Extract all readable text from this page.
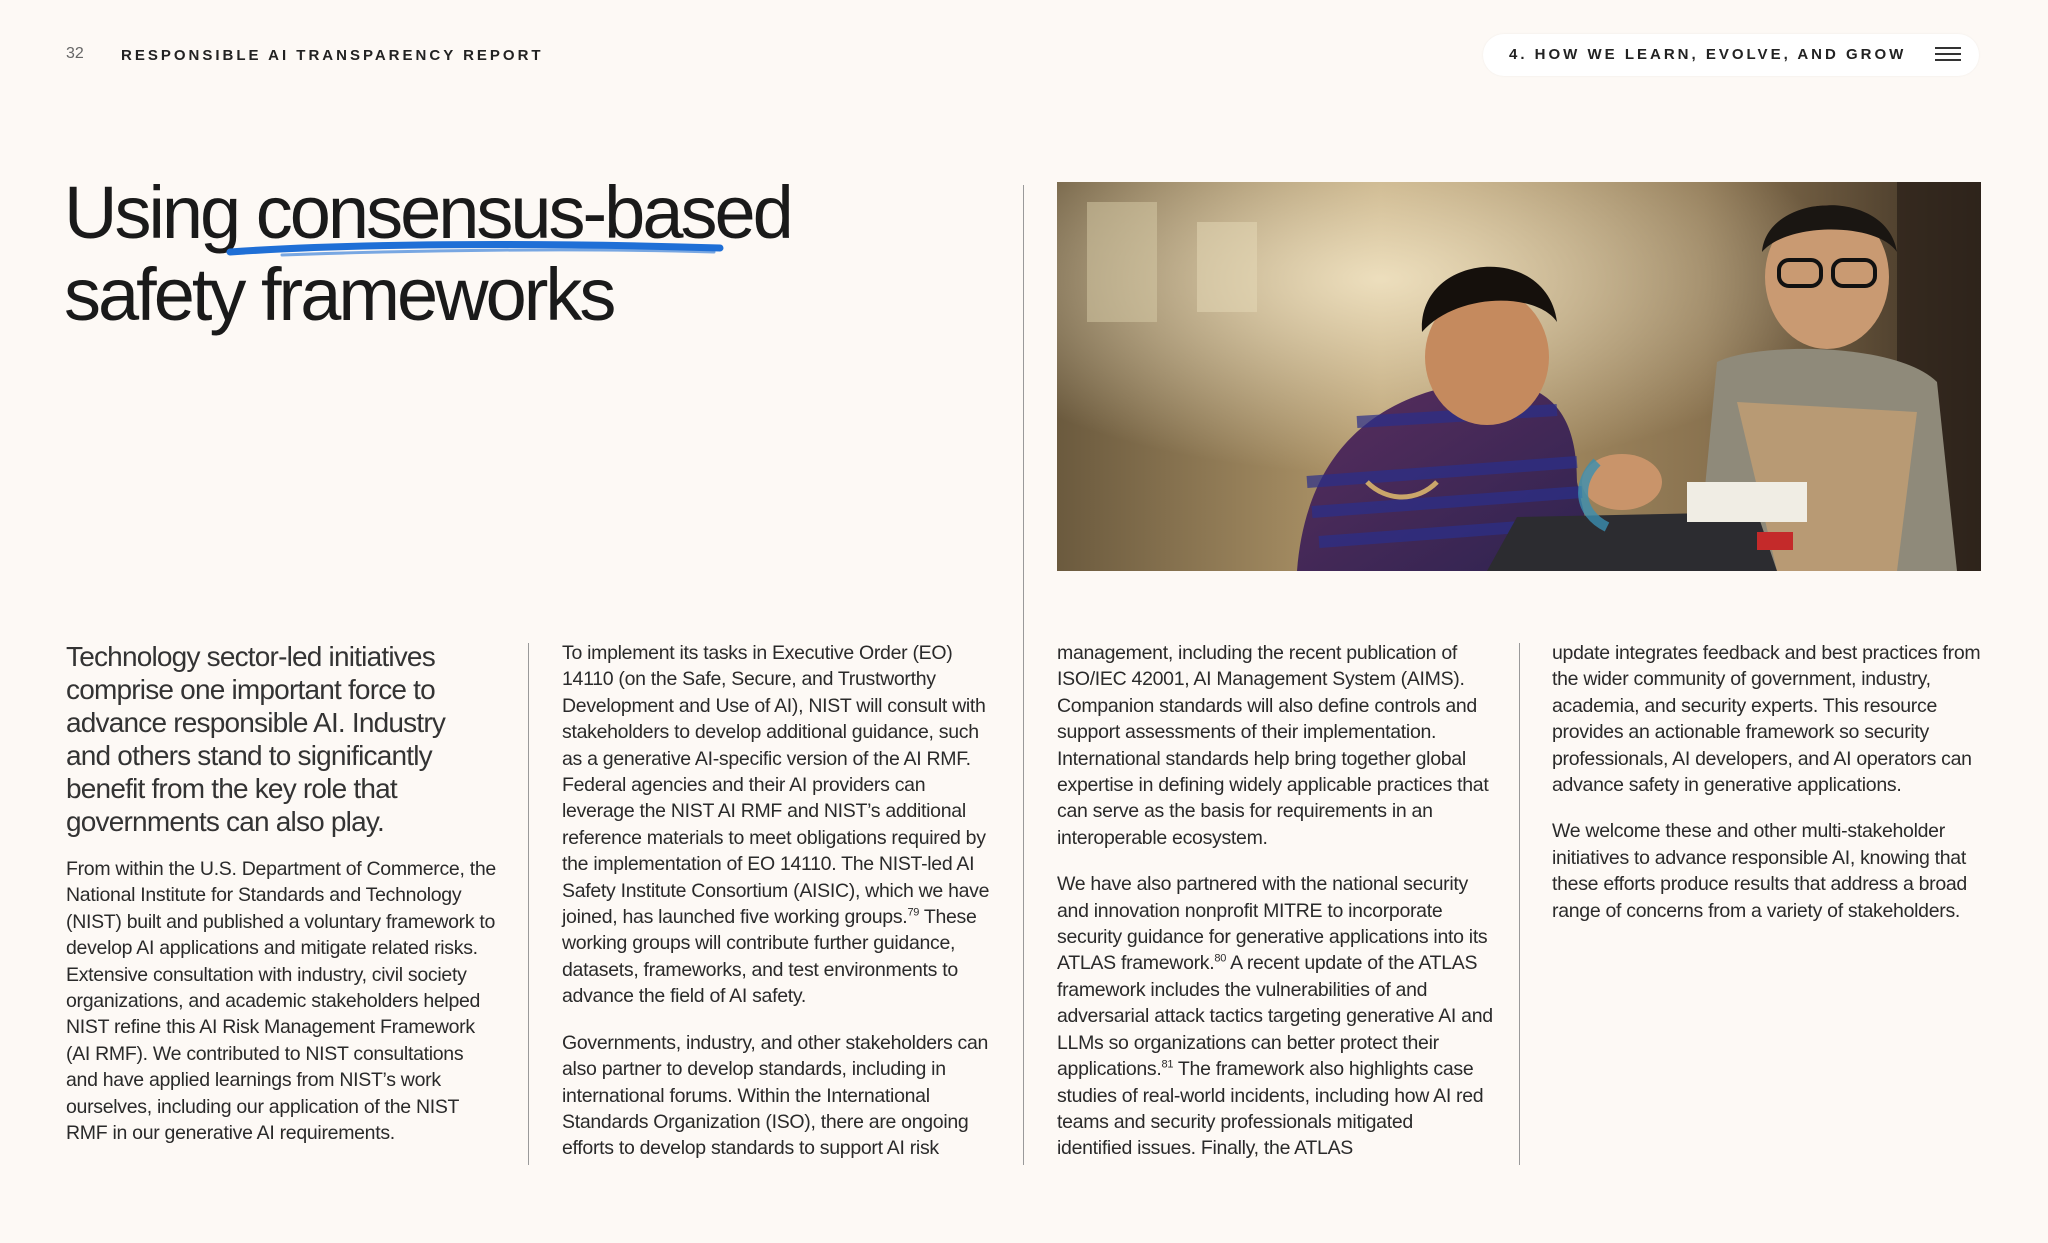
32 RESPONSIBLE AI TRANSPARENCY REPORT	4. HOW WE LEARN, EVOLVE, AND GROW
Using consensus-based
safety frameworks

Technology sector-led initiatives comprise one important force to advance responsible AI. Industry and others stand to significantly benefit from the key role that governments can also play.

From within the U.S. Department of Commerce, the National Institute for Standards and Technology (NIST) built and published a voluntary framework to develop AI applications and mitigate related risks. Extensive consultation with industry, civil society organizations, and academic stakeholders helped NIST refine this AI Risk Management Framework (AI RMF). We contributed to NIST consultations and have applied learnings from NIST’s work ourselves, including our application of the NIST RMF in our generative AI requirements.

To implement its tasks in Executive Order (EO) 14110 (on the Safe, Secure, and Trustworthy Development and Use of AI), NIST will consult with stakeholders to develop additional guidance, such as a generative AI-specific version of the AI RMF. Federal agencies and their AI providers can leverage the NIST AI RMF and NIST’s additional reference materials to meet obligations required by the implementation of EO 14110. The NIST-led AI Safety Institute Consortium (AISIC), which we have joined, has launched five working groups.$^{79}$ These working groups will contribute further guidance, datasets, frameworks, and test environments to advance the field of AI safety.

Governments, industry, and other stakeholders can also partner to develop standards, including in international forums. Within the International Standards Organization (ISO), there are ongoing efforts to develop standards to support AI risk

management, including the recent publication of ISO/IEC 42001, AI Management System (AIMS). Companion standards will also define controls and support assessments of their implementation. International standards help bring together global expertise in defining widely applicable practices that can serve as the basis for requirements in an interoperable ecosystem.

We have also partnered with the national security and innovation nonprofit MITRE to incorporate security guidance for generative applications into its ATLAS framework.$^{80}$ A recent update of the ATLAS framework includes the vulnerabilities of and adversarial attack tactics targeting generative AI and LLMs so organizations can better protect their applications.$^{81}$ The framework also highlights case studies of real-world incidents, including how AI red teams and security professionals mitigated identified issues. Finally, the ATLAS

update integrates feedback and best practices from the wider community of government, industry, academia, and security experts. This resource provides an actionable framework so security professionals, AI developers, and AI operators can advance safety in generative applications.

We welcome these and other multi-stakeholder initiatives to advance responsible AI, knowing that these efforts produce results that address a broad range of concerns from a variety of stakeholders.
